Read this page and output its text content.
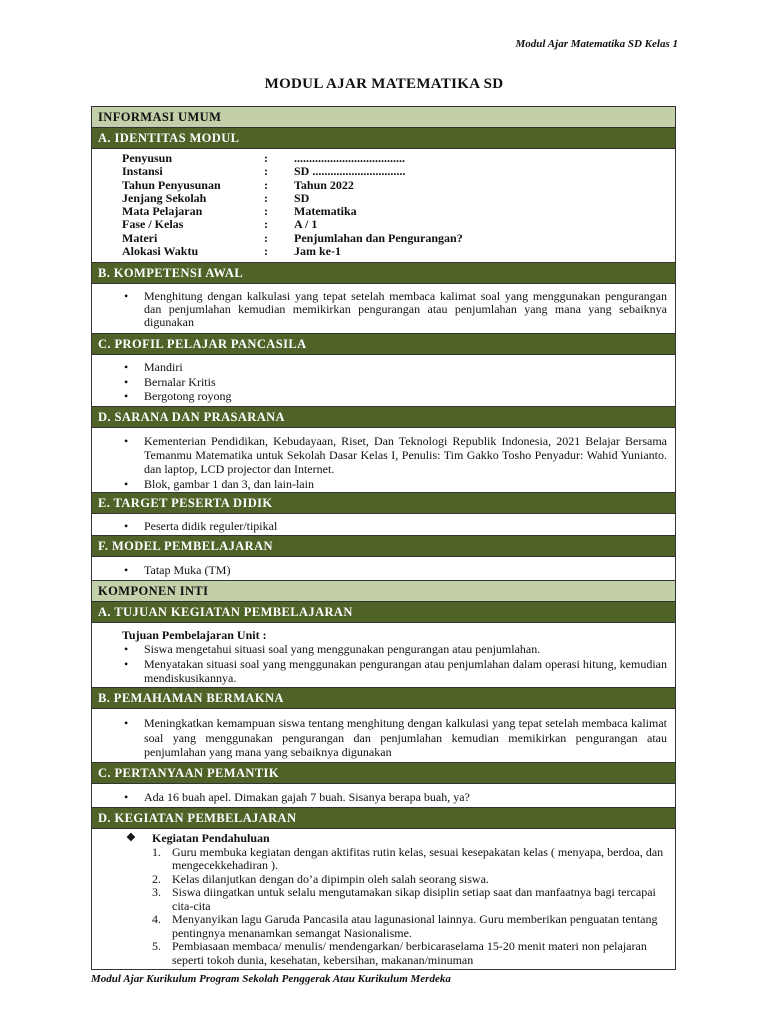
Modul Ajar Matematika SD Kelas 1
MODUL AJAR MATEMATIKA SD
INFORMASI UMUM
A. IDENTITAS MODUL
Penyusun	:	.....................................
Instansi	:	SD ...............................
Tahun Penyusunan	:	Tahun 2022
Jenjang Sekolah	:	SD
Mata Pelajaran	:	Matematika
Fase / Kelas	:	A / 1
Materi	:	Penjumlahan dan Pengurangan?
Alokasi Waktu	:	Jam ke-1
B. KOMPETENSI AWAL
• Menghitung dengan kalkulasi yang tepat setelah membaca kalimat soal yang menggunakan pengurangan dan penjumlahan kemudian memikirkan pengurangan atau penjumlahan yang mana yang sebaiknya digunakan
C. PROFIL PELAJAR PANCASILA
• Mandiri
• Bernalar Kritis
• Bergotong royong
D. SARANA DAN PRASARANA
• Kementerian Pendidikan, Kebudayaan, Riset, Dan Teknologi Republik Indonesia, 2021 Belajar Bersama Temanmu Matematika untuk Sekolah Dasar Kelas I, Penulis: Tim Gakko Tosho Penyadur: Wahid Yunianto. dan laptop, LCD projector dan Internet.
• Blok, gambar 1 dan 3, dan lain-lain
E. TARGET PESERTA DIDIK
• Peserta didik reguler/tipikal
F. MODEL PEMBELAJARAN
• Tatap Muka (TM)
KOMPONEN INTI
A. TUJUAN KEGIATAN PEMBELAJARAN
Tujuan Pembelajaran Unit :
• Siswa mengetahui situasi soal yang menggunakan pengurangan atau penjumlahan.
• Menyatakan situasi soal yang menggunakan pengurangan atau penjumlahan dalam operasi hitung, kemudian mendiskusikannya.
B. PEMAHAMAN BERMAKNA
• Meningkatkan kemampuan siswa tentang menghitung dengan kalkulasi yang tepat setelah membaca kalimat soal yang menggunakan pengurangan dan penjumlahan kemudian memikirkan pengurangan atau penjumlahan yang mana yang sebaiknya digunakan
C. PERTANYAAN PEMANTIK
• Ada 16 buah apel. Dimakan gajah 7 buah. Sisanya berapa buah, ya?
D. KEGIATAN PEMBELAJARAN
❖ Kegiatan Pendahuluan
1. Guru membuka kegiatan dengan aktifitas rutin kelas, sesuai kesepakatan kelas ( menyapa, berdoa, dan mengecekkehadiran ).
2. Kelas dilanjutkan dengan do’a dipimpin oleh salah seorang siswa.
3. Siswa diingatkan untuk selalu mengutamakan sikap disiplin setiap saat dan manfaatnya bagi tercapai cita-cita
4. Menyanyikan lagu Garuda Pancasila atau lagunasional lainnya. Guru memberikan penguatan tentang pentingnya menanamkan semangat Nasionalisme.
5. Pembiasaan membaca/ menulis/ mendengarkan/ berbicaraselama 15-20 menit materi non pelajaran seperti tokoh dunia, kesehatan, kebersihan, makanan/minuman
Modul Ajar Kurikulum Program Sekolah Penggerak Atau Kurikulum Merdeka
